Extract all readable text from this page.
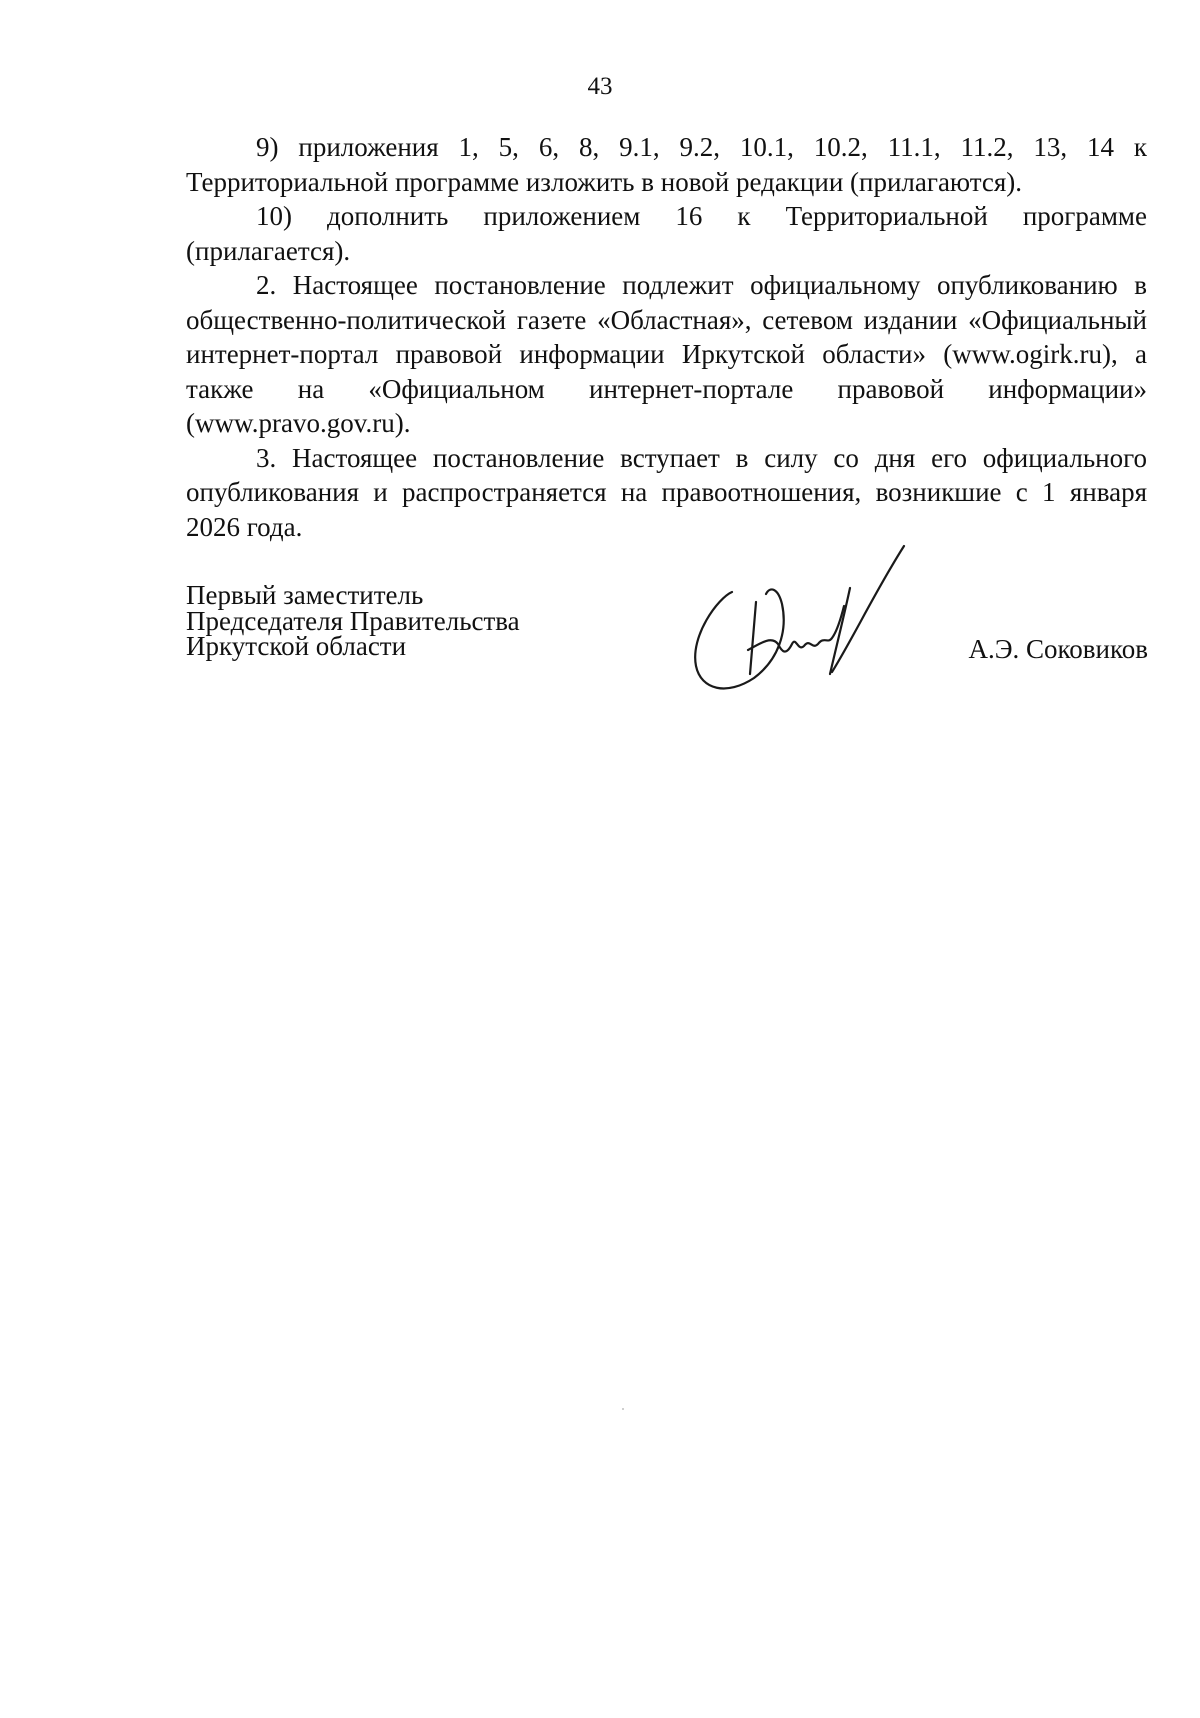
43

9) приложения 1, 5, 6, 8, 9.1, 9.2, 10.1, 10.2, 11.1, 11.2, 13, 14 к Территориальной программе изложить в новой редакции (прилагаются).

10) дополнить приложением 16 к Территориальной программе (прилагается).

2. Настоящее постановление подлежит официальному опубликованию в общественно-политической газете «Областная», сетевом издании «Официальный интернет-портал правовой информации Иркутской области» (www.ogirk.ru), а также на «Официальном интернет-портале правовой информации» (www.pravo.gov.ru).

3. Настоящее постановление вступает в силу со дня его официального опубликования и распространяется на правоотношения, возникшие с 1 января 2026 года.

Первый заместитель
Председателя Правительства
Иркутской области	А.Э. Соковиков
